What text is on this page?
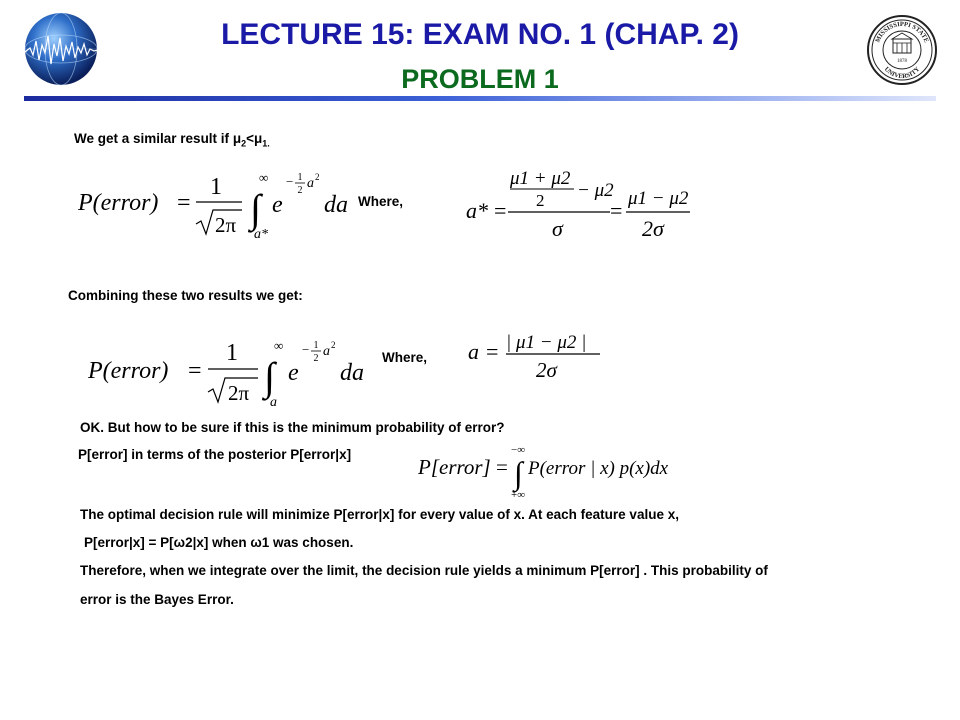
LECTURE 15: EXAM NO. 1 (CHAP. 2)
PROBLEM 1
MISSISSIPPI STATE
UNIVERSITY
1878
We get a similar result if $\mu_2<\mu_{1.}$
P(error) =
1
2π ∫
∞
a*
e
− 1
2 a 2
da Where,	a* =
μ1 + μ2
2 − μ2
σ
= μ1 − μ2
2σ
Combining these two results we get:
P(error) =
1
2π ∫
∞
a
e
− 1
2 a 2
da
Where, a = | μ1 − μ2 |
2σ
OK. But how to be sure if this is the minimum probability of error?
P[error] in terms of the posterior P[error|x]
P[error] = ∫
−∞
+∞
P(error | x) p(x)dx
The optimal decision rule will minimize P[error|x] for every value of x. At each feature value x,
P[error|x] = P[ω2|x] when ω1 was chosen.
Therefore, when we integrate over the limit, the decision rule yields a minimum P[error] . This probability of
error is the Bayes Error.
